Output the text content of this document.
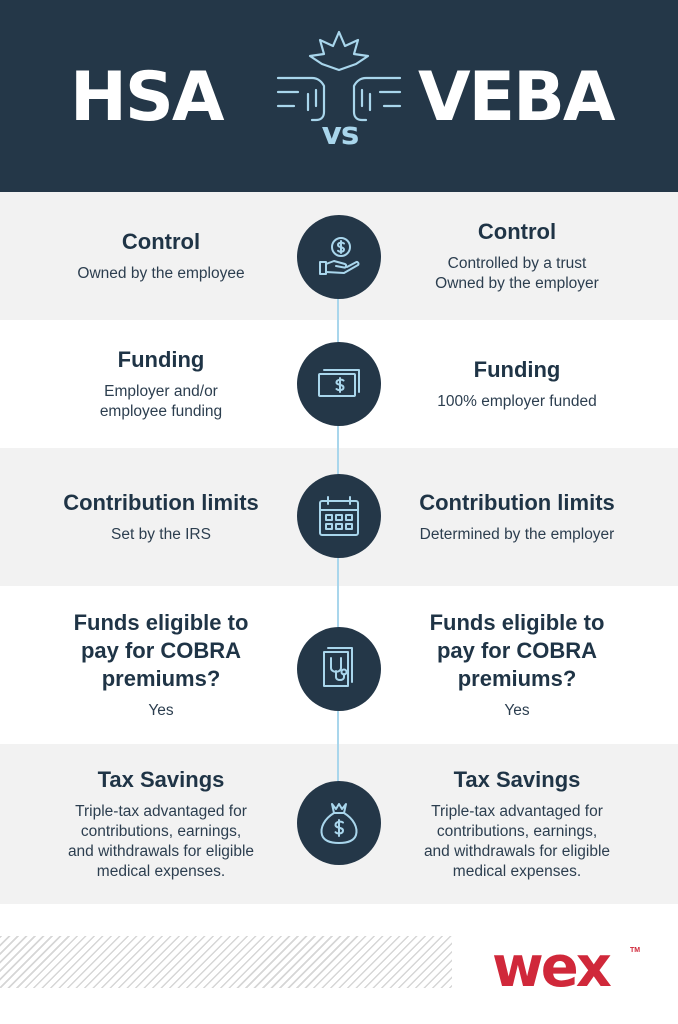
HSA	vs VEBA
Control

Owned by the employee

Control

Controlled by a trust
Owned by the employer

Funding

Employer and/or
employee funding

Funding

100% employer funded

Contribution limits

Set by the IRS

Contribution limits

Determined by the employer

Funds eligible to
pay for COBRA
premiums?

Yes

Funds eligible to
pay for COBRA
premiums?

Yes

Tax Savings

Triple-tax advantaged for
contributions, earnings,
and withdrawals for eligible
medical expenses.

Tax Savings

Triple-tax advantaged for
contributions, earnings,
and withdrawals for eligible
medical expenses.

wex	TM
